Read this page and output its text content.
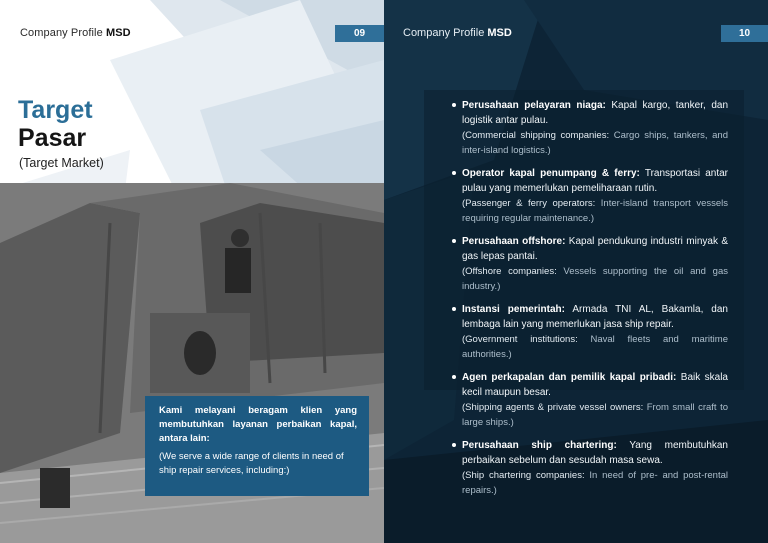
Company Profile MSD	09
Target
Pasar
(Target Market)
Kami melayani beragam klien yang membutuhkan layanan perbaikan kapal, antara lain:
(We serve a wide range of clients in need of ship repair services, including:)
Company Profile MSD	10
Perusahaan pelayaran niaga: Kapal kargo, tanker, dan logistik antar pulau.
(Commercial shipping companies: Cargo ships, tankers, and inter-island logistics.)
Operator kapal penumpang & ferry: Transportasi antar pulau yang memerlukan pemeliharaan rutin.
(Passenger & ferry operators: Inter-island transport vessels requiring regular maintenance.)
Perusahaan offshore: Kapal pendukung industri minyak & gas lepas pantai.
(Offshore companies: Vessels supporting the oil and gas industry.)
Instansi pemerintah: Armada TNI AL, Bakamla, dan lembaga lain yang memerlukan jasa ship repair.
(Government institutions: Naval fleets and maritime authorities.)
Agen perkapalan dan pemilik kapal pribadi: Baik skala kecil maupun besar.
(Shipping agents & private vessel owners: From small craft to large ships.)
Perusahaan ship chartering: Yang membutuhkan perbaikan sebelum dan sesudah masa sewa.
(Ship chartering companies: In need of pre- and post-rental repairs.)
